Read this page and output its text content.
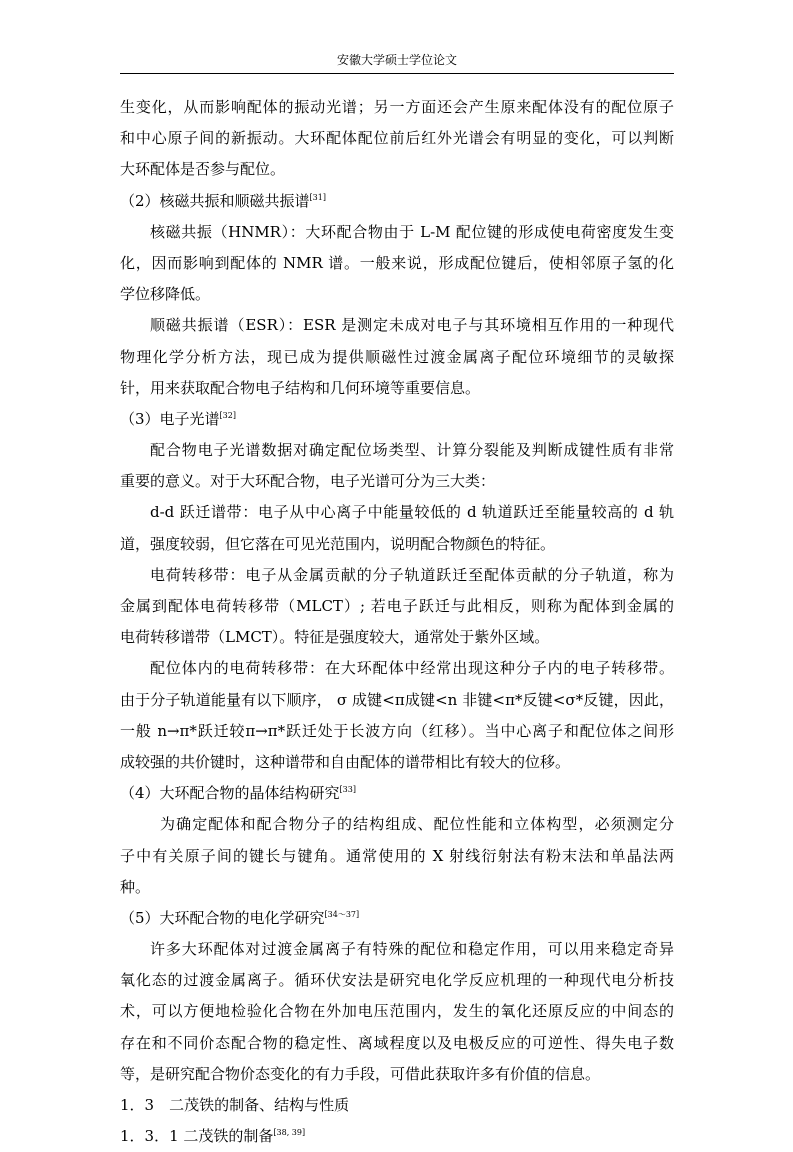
安徽大学硕士学位论文
生变化，从而影响配体的振动光谱；另一方面还会产生原来配体没有的配位原子
和中心原子间的新振动。大环配体配位前后红外光谱会有明显的变化，可以判断
大环配体是否参与配位。
（2）核磁共振和顺磁共振谱[31]
核磁共振（HNMR）：大环配合物由于 L-M 配位键的形成使电荷密度发生变
化，因而影响到配体的 NMR 谱。一般来说，形成配位键后，使相邻原子氢的化
学位移降低。
顺磁共振谱（ESR）：ESR 是测定未成对电子与其环境相互作用的一种现代
物理化学分析方法，现已成为提供顺磁性过渡金属离子配位环境细节的灵敏探
针，用来获取配合物电子结构和几何环境等重要信息。
（3）电子光谱[32]
配合物电子光谱数据对确定配位场类型、计算分裂能及判断成键性质有非常
重要的意义。对于大环配合物，电子光谱可分为三大类：
d-d 跃迁谱带：电子从中心离子中能量较低的 d 轨道跃迁至能量较高的 d 轨
道，强度较弱，但它落在可见光范围内，说明配合物颜色的特征。
电荷转移带：电子从金属贡献的分子轨道跃迁至配体贡献的分子轨道，称为
金属到配体电荷转移带（MLCT）; 若电子跃迁与此相反，则称为配体到金属的
电荷转移谱带（LMCT）。特征是强度较大，通常处于紫外区域。
配位体内的电荷转移带：在大环配体中经常出现这种分子内的电子转移带。
由于分子轨道能量有以下顺序， σ 成键<π成键<n 非键<π*反键<σ*反键，因此，
一般 n→π*跃迁较π→π*跃迁处于长波方向（红移）。当中心离子和配位体之间形
成较强的共价键时，这种谱带和自由配体的谱带相比有较大的位移。
（4）大环配合物的晶体结构研究[33]
为确定配体和配合物分子的结构组成、配位性能和立体构型，必须测定分
子中有关原子间的键长与键角。通常使用的 X 射线衍射法有粉末法和单晶法两
种。
（5）大环配合物的电化学研究[34～37]
许多大环配体对过渡金属离子有特殊的配位和稳定作用，可以用来稳定奇异
氧化态的过渡金属离子。循环伏安法是研究电化学反应机理的一种现代电分析技
术，可以方便地检验化合物在外加电压范围内，发生的氧化还原反应的中间态的
存在和不同价态配合物的稳定性、离域程度以及电极反应的可逆性、得失电子数
等，是研究配合物价态变化的有力手段，可借此获取许多有价值的信息。
1．3　二茂铁的制备、结构与性质
1．3．1 二茂铁的制备[38, 39]
